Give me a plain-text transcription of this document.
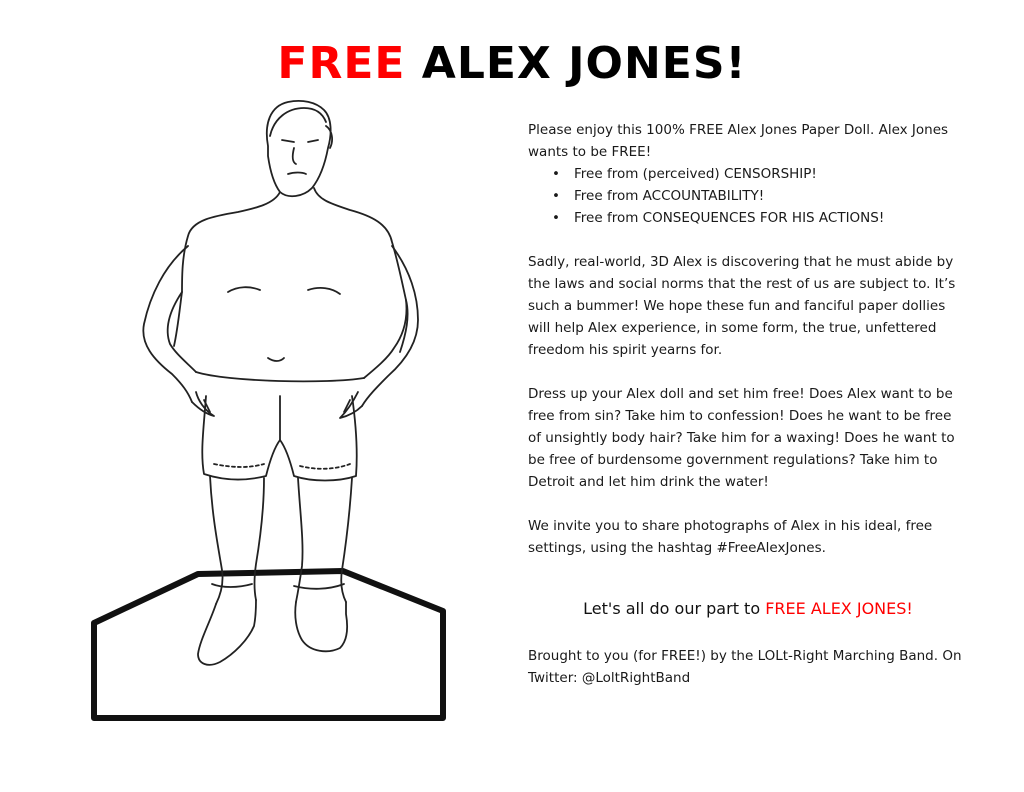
FREE ALEX JONES!

Please enjoy this 100% FREE Alex Jones Paper Doll. Alex Jones wants to be FREE!

• Free from (perceived) CENSORSHIP!
• Free from ACCOUNTABILITY!
• Free from CONSEQUENCES FOR HIS ACTIONS!

Sadly, real-world, 3D Alex is discovering that he must abide by the laws and social norms that the rest of us are subject to. It’s such a bummer! We hope these fun and fanciful paper dollies will help Alex experience, in some form, the true, unfettered freedom his spirit yearns for.

Dress up your Alex doll and set him free! Does Alex want to be free from sin? Take him to confession! Does he want to be free of unsightly body hair? Take him for a waxing! Does he want to be free of burdensome government regulations? Take him to Detroit and let him drink the water!

We invite you to share photographs of Alex in his ideal, free settings, using the hashtag #FreeAlexJones.

Let's all do our part to FREE ALEX JONES!

Brought to you (for FREE!) by the LOLt-Right Marching Band. On Twitter: @LoltRightBand
